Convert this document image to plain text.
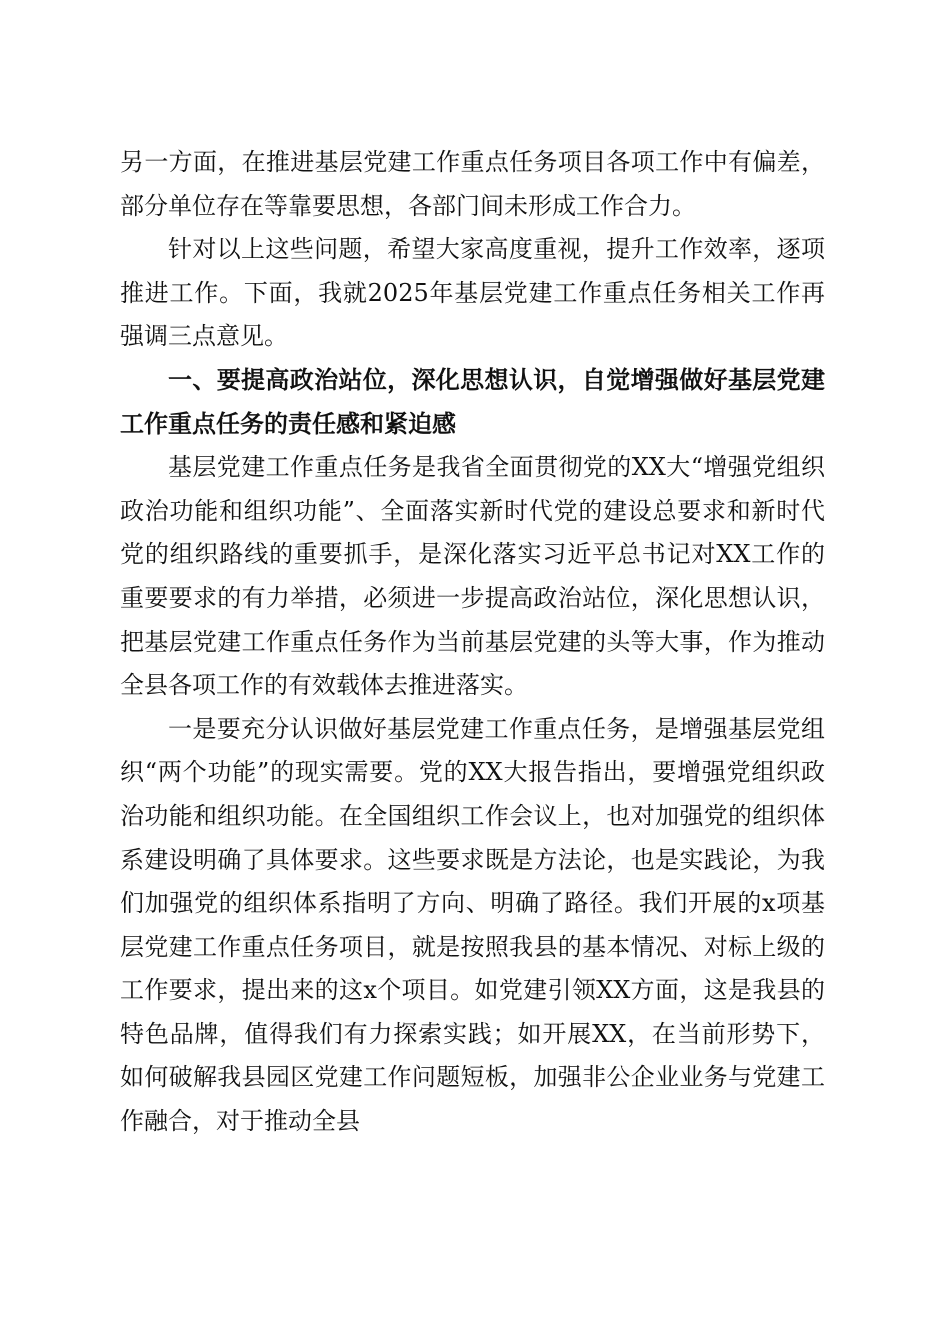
另一方面，在推进基层党建工作重点任务项目各项工作中有偏差，部分单位存在等靠要思想，各部门间未形成工作合力。

针对以上这些问题，希望大家高度重视，提升工作效率，逐项推进工作。下面，我就2025年基层党建工作重点任务相关工作再强调三点意见。

一、要提高政治站位，深化思想认识，自觉增强做好基层党建工作重点任务的责任感和紧迫感

基层党建工作重点任务是我省全面贯彻党的XX大“增强党组织政治功能和组织功能”、全面落实新时代党的建设总要求和新时代党的组织路线的重要抓手，是深化落实习近平总书记对XX工作的重要要求的有力举措，必须进一步提高政治站位，深化思想认识，把基层党建工作重点任务作为当前基层党建的头等大事，作为推动全县各项工作的有效载体去推进落实。

一是要充分认识做好基层党建工作重点任务，是增强基层党组织“两个功能”的现实需要。党的XX大报告指出，要增强党组织政治功能和组织功能。在全国组织工作会议上，也对加强党的组织体系建设明确了具体要求。这些要求既是方法论，也是实践论，为我们加强党的组织体系指明了方向、明确了路径。我们开展的x项基层党建工作重点任务项目，就是按照我县的基本情况、对标上级的工作要求，提出来的这x个项目。如党建引领XX方面，这是我县的特色品牌，值得我们有力探索实践；如开展XX，在当前形势下，如何破解我县园区党建工作问题短板，加强非公企业业务与党建工作融合，对于推动全县
